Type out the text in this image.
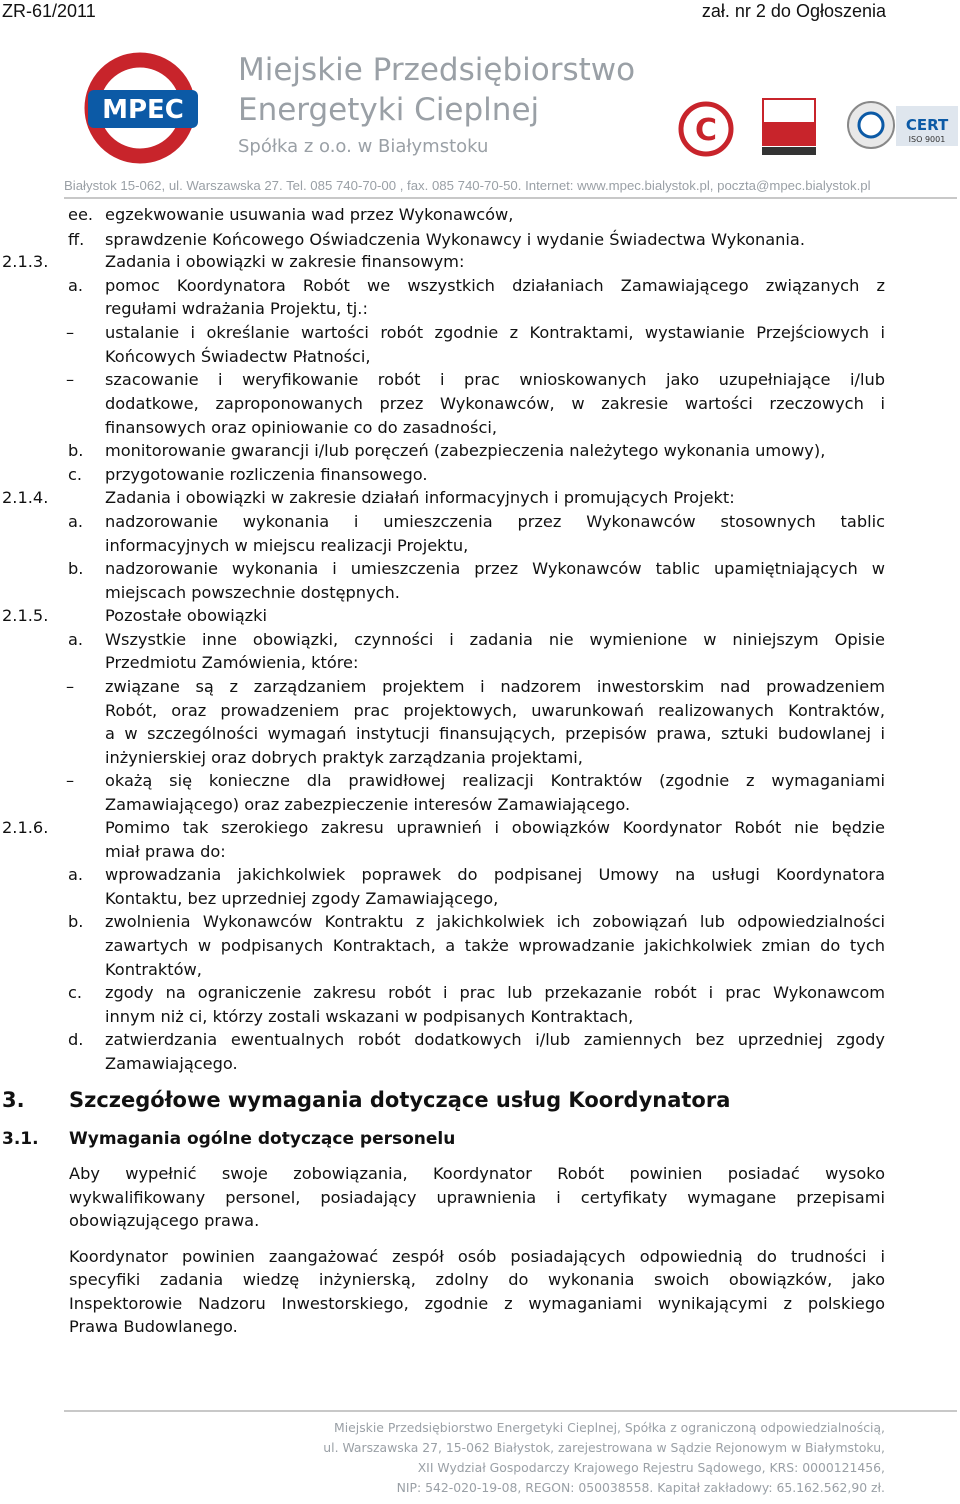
ZR-61/2011	zał. nr 2 do Ogłoszenia
MPEC
Miejskie Przedsiębiorstwo
Energetyki Cieplnej
Spółka z o.o. w Białymstoku	C	CERT
ISO 9001
Białystok 15-062, ul. Warszawska 27. Tel. 085 740-70-00 , fax. 085 740-70-50. Internet: www.mpec.bialystok.pl, poczta@mpec.bialystok.pl
ee. egzekwowanie usuwania wad przez Wykonawców,
ff. sprawdzenie Końcowego Oświadczenia Wykonawcy i wydanie Świadectwa Wykonania.
2.1.3.	Zadania i obowiązki w zakresie finansowym:
a. pomoc Koordynatora Robót we wszystkich działaniach Zamawiającego związanych z
regułami wdrażania Projektu, tj.:
– ustalanie i określanie wartości robót zgodnie z Kontraktami, wystawianie Przejściowych i
Końcowych Świadectw Płatności,
– szacowanie i weryfikowanie robót i prac wnioskowanych jako uzupełniające i/lub
dodatkowe, zaproponowanych przez Wykonawców, w zakresie wartości rzeczowych i
finansowych oraz opiniowanie co do zasadności,
b. monitorowanie gwarancji i/lub poręczeń (zabezpieczenia należytego wykonania umowy),
c. przygotowanie rozliczenia finansowego.
2.1.4.	Zadania i obowiązki w zakresie działań informacyjnych i promujących Projekt:
a. nadzorowanie wykonania i umieszczenia przez Wykonawców stosownych tablic
informacyjnych w miejscu realizacji Projektu,
b. nadzorowanie wykonania i umieszczenia przez Wykonawców tablic upamiętniających w
miejscach powszechnie dostępnych.
2.1.5.	Pozostałe obowiązki
a. Wszystkie inne obowiązki, czynności i zadania nie wymienione w niniejszym Opisie
Przedmiotu Zamówienia, które:
– związane są z zarządzaniem projektem i nadzorem inwestorskim nad prowadzeniem
Robót, oraz prowadzeniem prac projektowych, uwarunkowań realizowanych Kontraktów,
a w szczególności wymagań instytucji finansujących, przepisów prawa, sztuki budowlanej i
inżynierskiej oraz dobrych praktyk zarządzania projektami,
– okażą się konieczne dla prawidłowej realizacji Kontraktów (zgodnie z wymaganiami
Zamawiającego) oraz zabezpieczenie interesów Zamawiającego.
2.1.6.	Pomimo tak szerokiego zakresu uprawnień i obowiązków Koordynator Robót nie będzie
miał prawa do:
a. wprowadzania jakichkolwiek poprawek do podpisanej Umowy na usługi Koordynatora
Kontaktu, bez uprzedniej zgody Zamawiającego,
b. zwolnienia Wykonawców Kontraktu z jakichkolwiek ich zobowiązań lub odpowiedzialności
zawartych w podpisanych Kontraktach, a także wprowadzanie jakichkolwiek zmian do tych
Kontraktów,
c. zgody na ograniczenie zakresu robót i prac lub przekazanie robót i prac Wykonawcom
innym niż ci, którzy zostali wskazani w podpisanych Kontraktach,
d. zatwierdzania ewentualnych robót dodatkowych i/lub zamiennych bez uprzedniej zgody
Zamawiającego.
3. Szczegółowe wymagania dotyczące usług Koordynatora
3.1. Wymagania ogólne dotyczące personelu
Aby wypełnić swoje zobowiązania, Koordynator Robót powinien posiadać wysoko
wykwalifikowany personel, posiadający uprawnienia i certyfikaty wymagane przepisami
obowiązującego prawa.
Koordynator powinien zaangażować zespół osób posiadających odpowiednią do trudności i
specyfiki zadania wiedzę inżynierską, zdolny do wykonania swoich obowiązków, jako
Inspektorowie Nadzoru Inwestorskiego, zgodnie z wymaganiami wynikającymi z polskiego
Prawa Budowlanego.
Miejskie Przedsiębiorstwo Energetyki Cieplnej, Spółka z ograniczoną odpowiedzialnością,
ul. Warszawska 27, 15-062 Białystok, zarejestrowana w Sądzie Rejonowym w Białymstoku,
XII Wydział Gospodarczy Krajowego Rejestru Sądowego, KRS: 0000121456,
NIP: 542-020-19-08, REGON: 050038558. Kapitał zakładowy: 65.162.562,90 zł.
